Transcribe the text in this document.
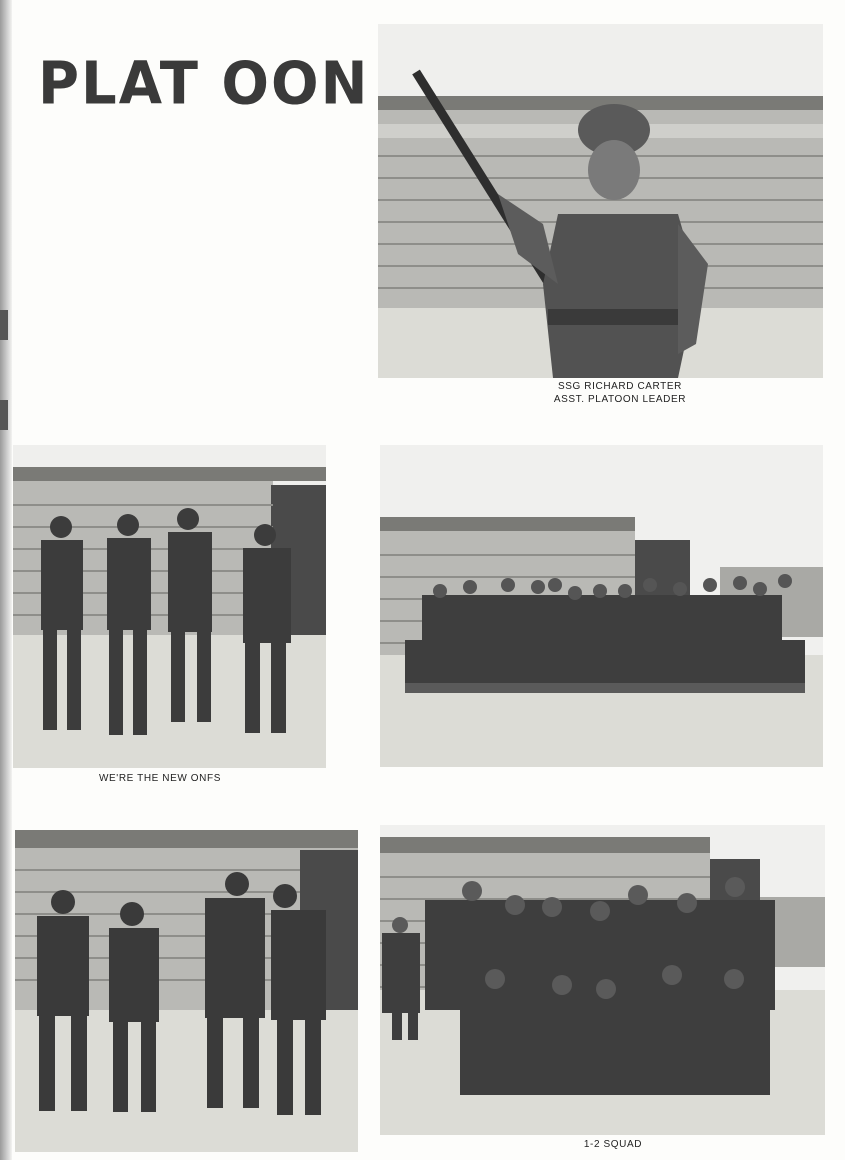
PLAT OON
SSG RICHARD CARTER
ASST. PLATOON LEADER
WE'RE THE NEW ONFS
1-2 SQUAD
